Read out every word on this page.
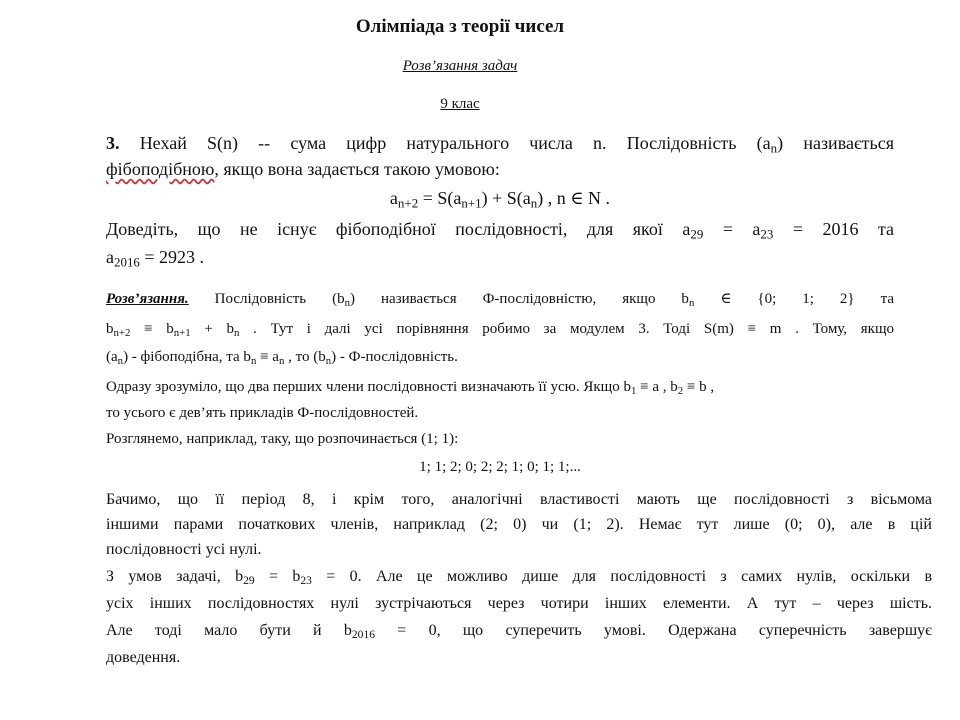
Олімпіада з теорії чисел
Розв’язання задач
9 клас
3. Нехай S(n) -- сума цифр натурального числа n. Послідовність $(a_n)$ називається
фібоподібною, якщо вона задається такою умовою:
$a_{n+2} = S(a_{n+1}) + S(a_n)$ , n ∈ N .
Доведіть, що не існує фібоподібної послідовності, для якої $a_{29} = a_{23} = 2016$ та
$a_{2016} = 2923$ .
Розв’язання. Послідовність $(b_n)$ називається Ф-послідовністю, якщо $b_n$ ∈ {0; 1; 2} та
$b_{n+2} \equiv b_{n+1} + b_n$ . Тут і далі усі порівняння робимо за модулем 3. Тоді S(m) ≡ m . Тому, якщо
$(a_n)$ - фібоподібна, та $b_n \equiv a_n$ , то $(b_n)$ - Ф-послідовність.
Одразу зрозуміло, що два перших члени послідовності визначають її усю. Якщо $b_1 \equiv a$ , $b_2 \equiv b$ ,
то усього є дев’ять прикладів Ф-послідовностей.
Розглянемо, наприклад, таку, що розпочинається (1; 1):
1; 1; 2; 0; 2; 2; 1; 0; 1; 1;...
Бачимо, що її період 8, і крім того, аналогічні властивості мають ще послідовності з вісьмома
іншими парами початкових членів, наприклад (2; 0) чи (1; 2). Немає тут лише (0; 0), але в цій
послідовності усі нулі.
З умов задачі, $b_{29} = b_{23} = 0$. Але це можливо дише для послідовності з самих нулів, оскільки в
усіх інших послідовностях нулі зустрічаються через чотири інших елементи. А тут – через шість.
Але тоді мало бути й $b_{2016} = 0$, що суперечить умові. Одержана суперечність завершує
доведення.
